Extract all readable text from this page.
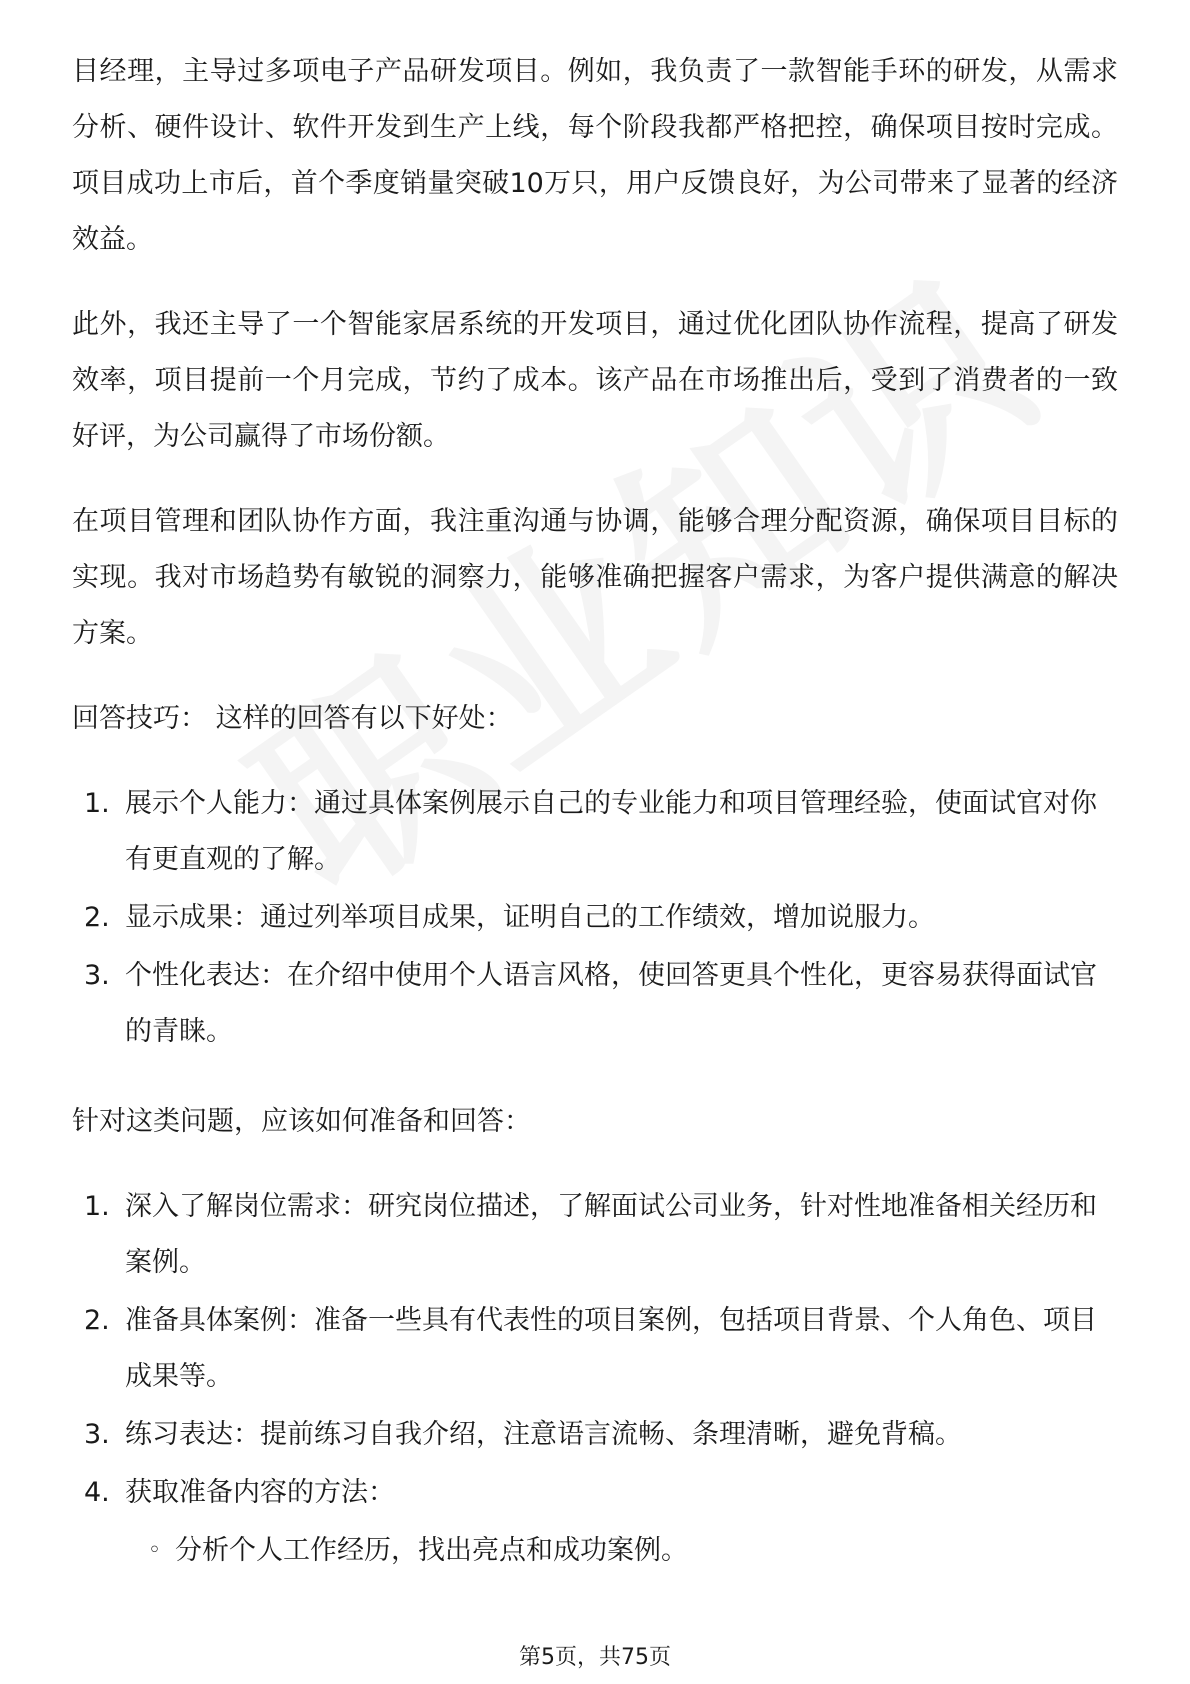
目经理，主导过多项电子产品研发项目。例如，我负责了一款智能手环的研发，从需求分析、硬件设计、软件开发到生产上线，每个阶段我都严格把控，确保项目按时完成。项目成功上市后，首个季度销量突破10万只，用户反馈良好，为公司带来了显著的经济效益。

此外，我还主导了一个智能家居系统的开发项目，通过优化团队协作流程，提高了研发效率，项目提前一个月完成，节约了成本。该产品在市场推出后，受到了消费者的一致好评，为公司赢得了市场份额。

在项目管理和团队协作方面，我注重沟通与协调，能够合理分配资源，确保项目目标的实现。我对市场趋势有敏锐的洞察力，能够准确把握客户需求，为客户提供满意的解决方案。

回答技巧： 这样的回答有以下好处：

1. 展示个人能力：通过具体案例展示自己的专业能力和项目管理经验，使面试官对你有更直观的了解。
2. 显示成果：通过列举项目成果，证明自己的工作绩效，增加说服力。
3. 个性化表达：在介绍中使用个人语言风格，使回答更具个性化，更容易获得面试官的青睐。

针对这类问题，应该如何准备和回答：

1. 深入了解岗位需求：研究岗位描述，了解面试公司业务，针对性地准备相关经历和案例。
2. 准备具体案例：准备一些具有代表性的项目案例，包括项目背景、个人角色、项目成果等。
3. 练习表达：提前练习自我介绍，注意语言流畅、条理清晰，避免背稿。
4. 获取准备内容的方法：
◦ 分析个人工作经历，找出亮点和成功案例。
第5页，共75页
